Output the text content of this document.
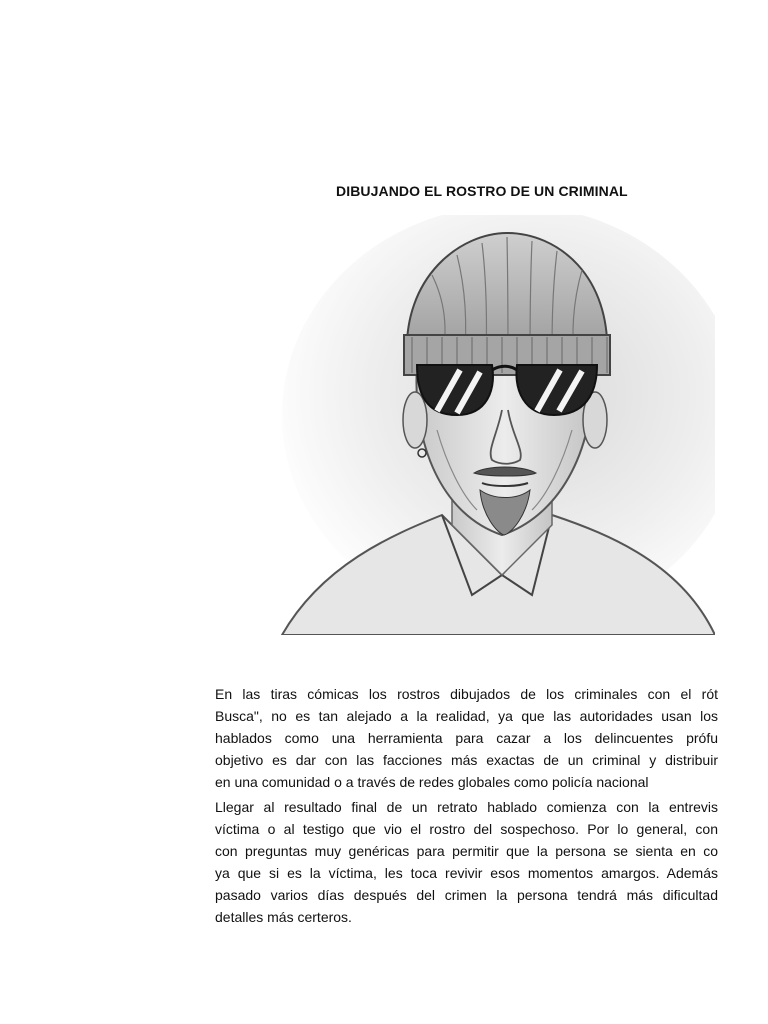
DIBUJANDO EL ROSTRO DE UN CRIMINAL
En las tiras cómicas los rostros dibujados de los criminales con el rót
Busca", no es tan alejado a la realidad, ya que las autoridades usan los
hablados como una herramienta para cazar a los delincuentes prófu
objetivo es dar con las facciones más exactas de un criminal y distribuir
en una comunidad o a través de redes globales como policía nacional
Llegar al resultado final de un retrato hablado comienza con la entrevis
víctima o al testigo que vio el rostro del sospechoso. Por lo general, con
con preguntas muy genéricas para permitir que la persona se sienta en co
ya que si es la víctima, les toca revivir esos momentos amargos. Además
pasado varios días después del crimen la persona tendrá más dificultad
detalles más certeros.
